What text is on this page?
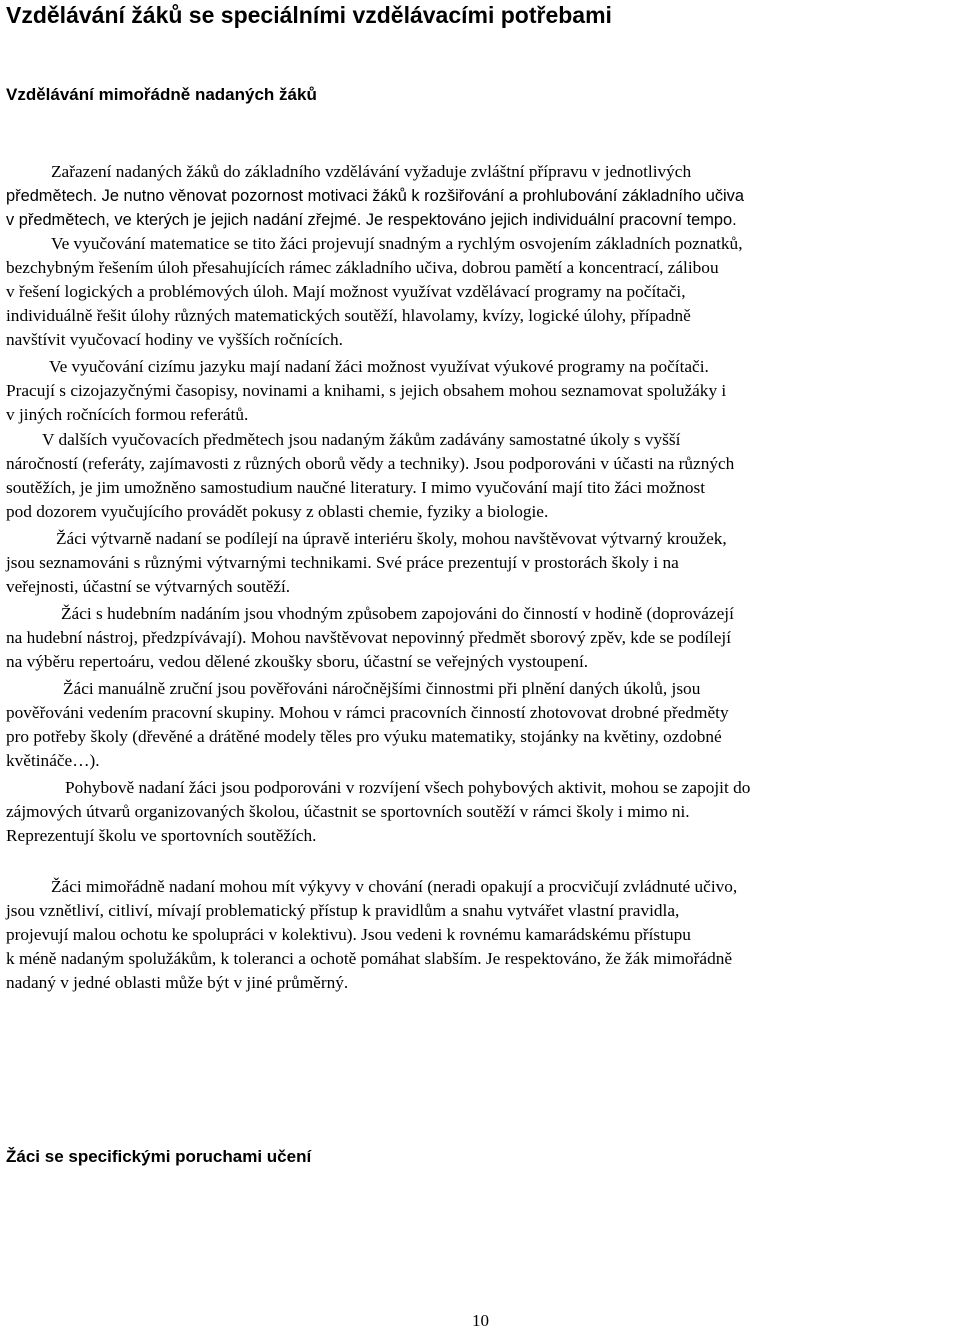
Vzdělávání žáků se speciálními vzdělávacími potřebami
Vzdělávání mimořádně nadaných žáků
Zařazení nadaných žáků do základního vzdělávání vyžaduje zvláštní přípravu v jednotlivých
předmětech. Je nutno věnovat pozornost motivaci žáků k rozšiřování a prohlubování základního učiva
v předmětech, ve kterých je jejich nadání zřejmé. Je respektováno jejich individuální pracovní tempo.
Ve vyučování matematice se tito žáci projevují snadným a rychlým osvojením základních poznatků,
bezchybným řešením úloh přesahujících rámec základního učiva, dobrou pamětí a koncentrací, zálibou
v řešení logických a problémových úloh. Mají možnost využívat vzdělávací programy na počítači,
individuálně řešit úlohy různých matematických soutěží, hlavolamy, kvízy, logické úlohy, případně
navštívit vyučovací hodiny ve vyšších ročnících.
Ve vyučování cizímu jazyku mají nadaní žáci možnost využívat výukové programy na počítači.
Pracují s cizojazyčnými časopisy, novinami a knihami, s jejich obsahem mohou seznamovat spolužáky i
v jiných ročnících formou referátů.
V dalších vyučovacích předmětech jsou nadaným žákům zadávány samostatné úkoly s vyšší
náročností (referáty, zajímavosti z různých oborů vědy a techniky). Jsou podporováni v účasti na různých
soutěžích, je jim umožněno samostudium naučné literatury. I mimo vyučování mají tito žáci možnost
pod dozorem vyučujícího provádět pokusy z oblasti chemie, fyziky a biologie.
Žáci výtvarně nadaní se podílejí na úpravě interiéru školy, mohou navštěvovat výtvarný kroužek,
jsou seznamováni s různými výtvarnými technikami. Své práce prezentují v prostorách školy i na
veřejnosti, účastní se výtvarných soutěží.
Žáci s hudebním nadáním jsou vhodným způsobem zapojováni do činností v hodině (doprovázejí
na hudební nástroj, předzpívávají). Mohou navštěvovat nepovinný předmět sborový zpěv, kde se podílejí
na výběru repertoáru, vedou dělené zkoušky sboru, účastní se veřejných vystoupení.
Žáci manuálně zruční jsou pověřováni náročnějšími činnostmi při plnění daných úkolů, jsou
pověřováni vedením pracovní skupiny. Mohou v rámci pracovních činností zhotovovat drobné předměty
pro potřeby školy (dřevěné a drátěné modely těles pro výuku matematiky, stojánky na květiny, ozdobné
květináče…).
Pohybově nadaní žáci jsou podporováni v rozvíjení všech pohybových aktivit, mohou se zapojit do
zájmových útvarů organizovaných školou, účastnit se sportovních soutěží v rámci školy i mimo ni.
Reprezentují školu ve sportovních soutěžích.
Žáci mimořádně nadaní mohou mít výkyvy v chování (neradi opakují a procvičují zvládnuté učivo,
jsou vznětliví, citliví, mívají problematický přístup k pravidlům a snahu vytvářet vlastní pravidla,
projevují malou ochotu ke spolupráci v kolektivu). Jsou vedeni k rovnému kamarádskému přístupu
k méně nadaným spolužákům, k toleranci a ochotě pomáhat slabším. Je respektováno, že žák mimořádně
nadaný v jedné oblasti může být v jiné průměrný.
Žáci se specifickými poruchami učení
10
